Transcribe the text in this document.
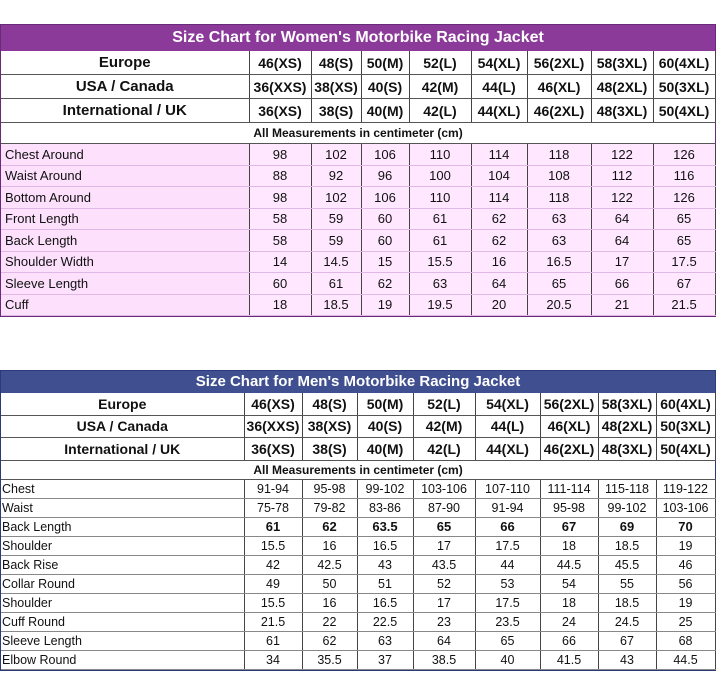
Size Chart for Women's Motorbike Racing Jacket								
Europe	46(XS)	48(S)	50(M)	52(L)	54(XL)	56(2XL)	58(3XL)	60(4XL)
USA / Canada	36(XXS)	38(XS)	40(S)	42(M)	44(L)	46(XL)	48(2XL)	50(3XL)
International / UK	36(XS)	38(S)	40(M)	42(L)	44(XL)	46(2XL)	48(3XL)	50(4XL)
All Measurements in centimeter (cm)								
Chest Around	98	102	106	110	114	118	122	126
Waist Around	88	92	96	100	104	108	112	116
Bottom Around	98	102	106	110	114	118	122	126
Front Length	58	59	60	61	62	63	64	65
Back Length	58	59	60	61	62	63	64	65
Shoulder Width	14	14.5	15	15.5	16	16.5	17	17.5
Sleeve Length	60	61	62	63	64	65	66	67
Cuff	18	18.5	19	19.5	20	20.5	21	21.5
Size Chart for Men's Motorbike Racing Jacket								
Europe	46(XS)	48(S)	50(M)	52(L)	54(XL)	56(2XL)	58(3XL)	60(4XL)
USA / Canada	36(XXS)	38(XS)	40(S)	42(M)	44(L)	46(XL)	48(2XL)	50(3XL)
International / UK	36(XS)	38(S)	40(M)	42(L)	44(XL)	46(2XL)	48(3XL)	50(4XL)
All Measurements in centimeter (cm)								
Chest	91-94	95-98	99-102	103-106	107-110	111-114	115-118	119-122
Waist	75-78	79-82	83-86	87-90	91-94	95-98	99-102	103-106
Back Length	61	62	63.5	65	66	67	69	70
Shoulder	15.5	16	16.5	17	17.5	18	18.5	19
Back Rise	42	42.5	43	43.5	44	44.5	45.5	46
Collar Round	49	50	51	52	53	54	55	56
Shoulder	15.5	16	16.5	17	17.5	18	18.5	19
Cuff Round	21.5	22	22.5	23	23.5	24	24.5	25
Sleeve Length	61	62	63	64	65	66	67	68
Elbow Round	34	35.5	37	38.5	40	41.5	43	44.5
